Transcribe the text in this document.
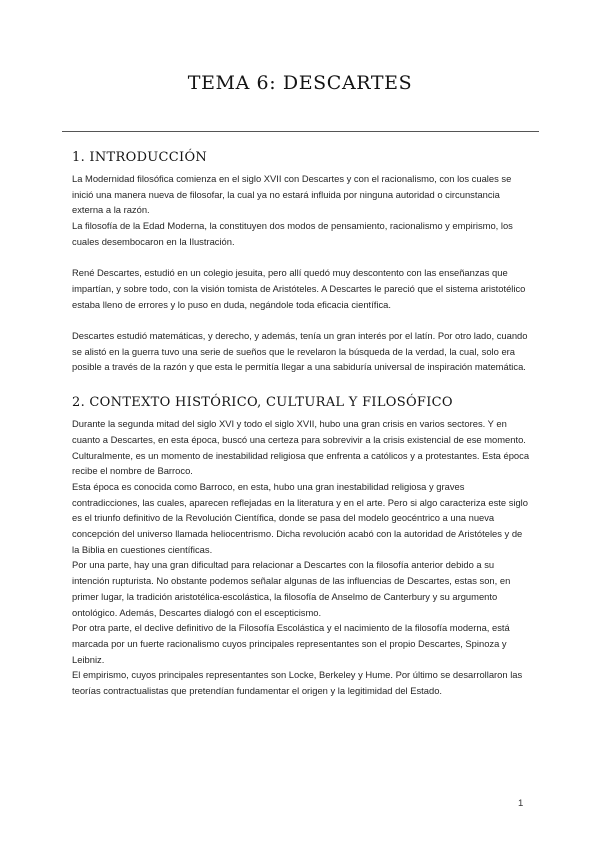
TEMA 6: DESCARTES
1. INTRODUCCIÓN

La Modernidad filosófica comienza en el siglo XVII con Descartes y con el racionalismo, con los cuales se inició una manera nueva de filosofar, la cual ya no estará influida por ninguna autoridad o circunstancia externa a la razón.

La filosofía de la Edad Moderna, la constituyen dos modos de pensamiento, racionalismo y empirismo, los cuales desembocaron en la Ilustración.

René Descartes, estudió en un colegio jesuita, pero allí quedó muy descontento con las enseñanzas que impartían, y sobre todo, con la visión tomista de Aristóteles. A Descartes le pareció que el sistema aristotélico estaba lleno de errores y lo puso en duda, negándole toda eficacia científica.

Descartes estudió matemáticas, y derecho, y además, tenía un gran interés por el latín. Por otro lado, cuando se alistó en la guerra tuvo una serie de sueños que le revelaron la búsqueda de la verdad, la cual, solo era posible a través de la razón y que esta le permitía llegar a una sabiduría universal de inspiración matemática.

2. CONTEXTO HISTÓRICO, CULTURAL Y FILOSÓFICO

Durante la segunda mitad del siglo XVI y todo el siglo XVII, hubo una gran crisis en varios sectores. Y en cuanto a Descartes, en esta época, buscó una certeza para sobrevivir a la crisis existencial de ese momento.

Culturalmente, es un momento de inestabilidad religiosa que enfrenta a católicos y a protestantes. Esta época recibe el nombre de Barroco.

Esta época es conocida como Barroco, en esta, hubo una gran inestabilidad religiosa y graves contradicciones, las cuales, aparecen reflejadas en la literatura y en el arte. Pero si algo caracteriza este siglo es el triunfo definitivo de la Revolución Científica, donde se pasa del modelo geocéntrico a una nueva concepción del universo llamada heliocentrismo. Dicha revolución acabó con la autoridad de Aristóteles y de la Biblia en cuestiones científicas.

Por una parte, hay una gran dificultad para relacionar a Descartes con la filosofía anterior debido a su intención rupturista. No obstante podemos señalar algunas de las influencias de Descartes, estas son, en primer lugar, la tradición aristotélica-escolástica, la filosofía de Anselmo de Canterbury y su argumento ontológico. Además, Descartes dialogó con el escepticismo.

Por otra parte, el declive definitivo de la Filosofía Escolástica y el nacimiento de la filosofía moderna, está marcada por un fuerte racionalismo cuyos principales representantes son el propio Descartes, Spinoza y Leibniz.

El empirismo, cuyos principales representantes son Locke, Berkeley y Hume. Por último se desarrollaron las teorías contractualistas que pretendían fundamentar el origen y la legitimidad del Estado.

1
